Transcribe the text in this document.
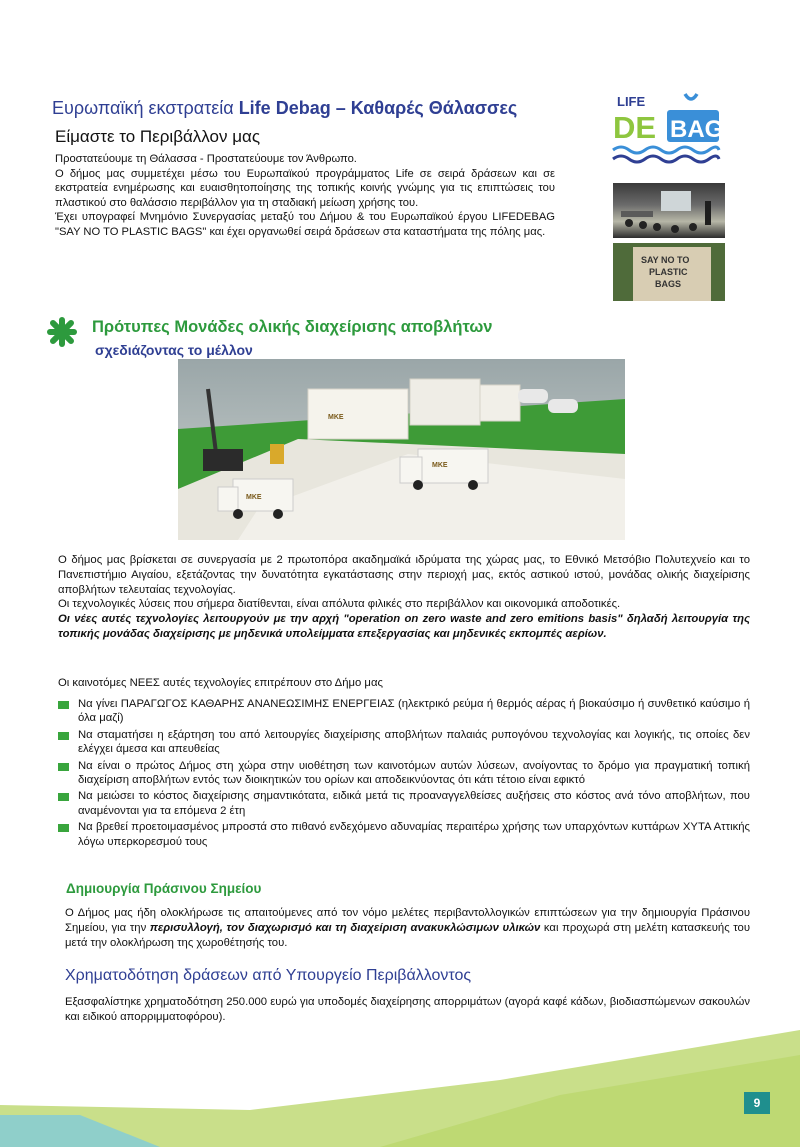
Ευρωπαϊκή εκστρατεία Life Debag – Καθαρές Θάλασσες
Είμαστε το Περιβάλλον μας
Προστατεύουμε τη Θάλασσα - Προστατεύουμε τον Άνθρωπο.
Ο δήμος μας συμμετέχει μέσω του Ευρωπαϊκού προγράμματος Life σε σειρά δράσεων και σε εκστρατεία ενημέρωσης και ευαισθητοποίησης της τοπικής κοινής γνώμης για τις επιπτώσεις του πλαστικού στο θαλάσσιο περιβάλλον για τη σταδιακή μείωση χρήσης του.
Έχει υπογραφεί Μνημόνιο Συνεργασίας μεταξύ του Δήμου & του Ευρωπαϊκού έργου LIFEDEBAG "SAY NO TO PLASTIC BAGS" και έχει οργανωθεί σειρά δράσεων στα καταστήματα της πόλης μας.
LIFE
DE BAG
SAY NO TO
PLASTIC
BAGS
Πρότυπες Μονάδες ολικής διαχείρισης αποβλήτων
σχεδιάζοντας το μέλλον
MKE
MKE
MKE
Ο δήμος μας βρίσκεται σε συνεργασία με 2 πρωτοπόρα ακαδημαϊκά ιδρύματα της χώρας μας, το Εθνικό Μετσόβιο Πολυτεχνείο και το Πανεπιστήμιο Αιγαίου, εξετάζοντας την δυνατότητα εγκατάστασης στην περιοχή μας, εκτός αστικού ιστού, μονάδας ολικής διαχείρισης αποβλήτων τελευταίας τεχνολογίας.
Οι τεχνολογικές λύσεις που σήμερα διατίθενται, είναι απόλυτα φιλικές στο περιβάλλον και οικονομικά αποδοτικές.
Οι νέες αυτές τεχνολογίες λειτουργούν με την αρχή "operation on zero waste and zero emitions basis" δηλαδή λειτουργία της τοπικής μονάδας διαχείρισης με μηδενικά υπολείμματα επεξεργασίας και μηδενικές εκπομπές αερίων.
Οι καινοτόμες ΝΕΕΣ αυτές τεχνολογίες επιτρέπουν στο Δήμο μας
Να γίνει ΠΑΡΑΓΩΓΟΣ ΚΑΘΑΡΗΣ ΑΝΑΝΕΩΣΙΜΗΣ ΕΝΕΡΓΕΙΑΣ (ηλεκτρικό ρεύμα ή θερμός αέρας ή βιοκαύσιμο ή συνθετικό καύσιμο ή όλα μαζί)
Να σταματήσει η εξάρτηση του από λειτουργίες διαχείρισης αποβλήτων παλαιάς ρυπογόνου τεχνολογίας και λογικής, τις οποίες δεν ελέγχει άμεσα και απευθείας
Να είναι ο πρώτος Δήμος στη χώρα στην υιοθέτηση των καινοτόμων αυτών λύσεων, ανοίγοντας το δρόμο για πραγματική τοπική διαχείριση αποβλήτων εντός των διοικητικών του ορίων και αποδεικνύοντας ότι κάτι τέτοιο είναι εφικτό
Να μειώσει το κόστος διαχείρισης σημαντικότατα, ειδικά μετά τις προαναγγελθείσες αυξήσεις στο κόστος ανά τόνο αποβλήτων, που αναμένονται για τα επόμενα 2 έτη
Να βρεθεί προετοιμασμένος μπροστά στο πιθανό ενδεχόμενο αδυναμίας περαιτέρω χρήσης των υπαρχόντων κυττάρων ΧΥΤΑ Αττικής λόγω υπερκορεσμού τους
Δημιουργία Πράσινου Σημείου
Ο Δήμος μας ήδη ολοκλήρωσε τις απαιτούμενες από τον νόμο μελέτες περιβαντολλογικών επιπτώσεων για την δημιουργία Πράσινου Σημείου, για την περισυλλογή, τον διαχωρισμό και τη διαχείριση ανακυκλώσιμων υλικών και προχωρά στη μελέτη κατασκευής του μετά την ολοκλήρωση της χωροθέτησής του.
Χρηματοδότηση δράσεων από Υπουργείο Περιβάλλοντος
Εξασφαλίστηκε χρηματοδότηση 250.000 ευρώ για υποδομές διαχείρησης απορριμάτων (αγορά καφέ κάδων, βιοδιασπώμενων σακουλών και ειδικού απορριμματοφόρου).
9
